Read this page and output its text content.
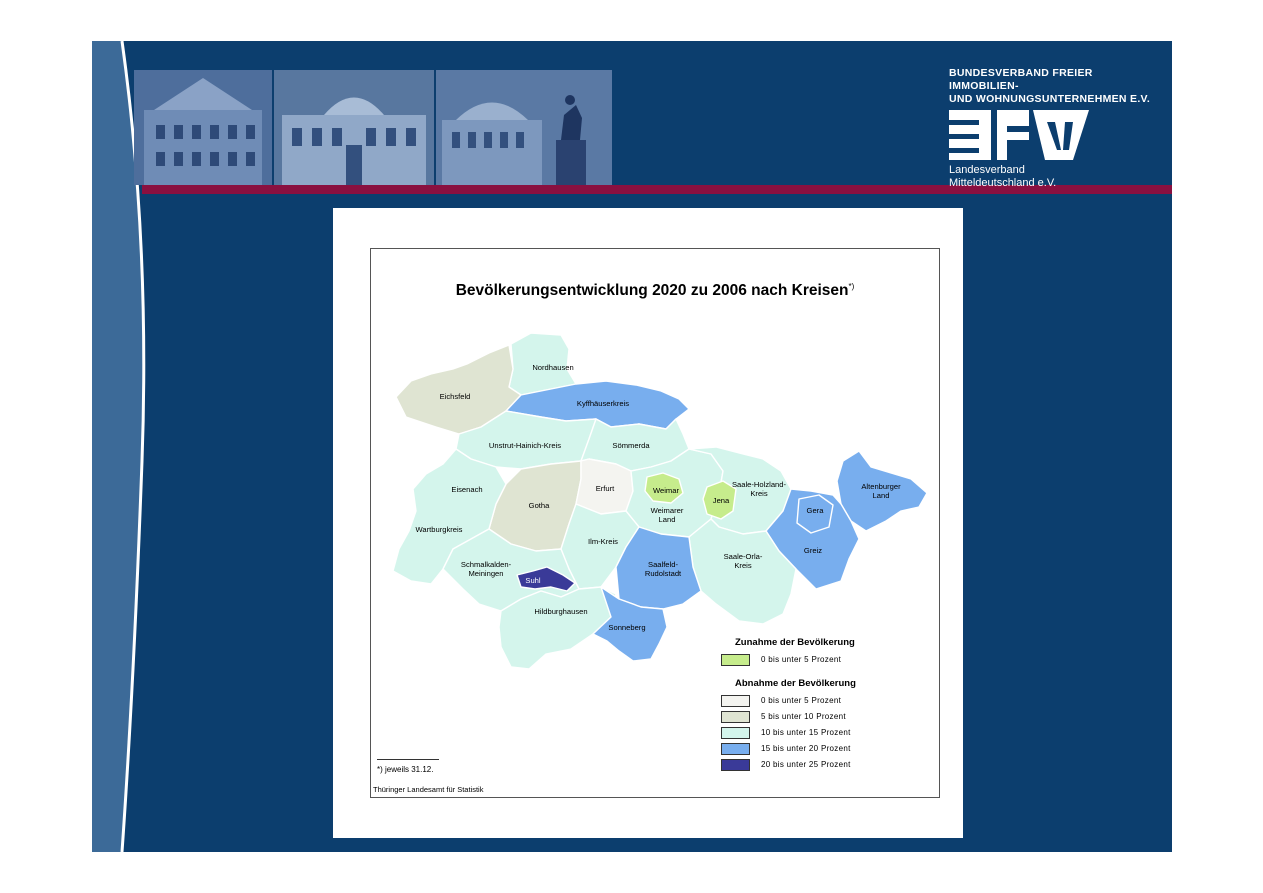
BUNDESVERBAND FREIER IMMOBILIEN-
UND WOHNUNGSUNTERNEHMEN E.V.
Landesverband
Mitteldeutschland e.V.
Bevölkerungsentwicklung 2020 zu 2006 nach Kreisen*)
Nordhausen
Eichsfeld
Kyffhäuserkreis
Unstrut-Hainich-Kreis	Sömmerda
Eisenach
Gotha
Erfurt	Weimar
Jena
Saale-Holzland-Kreis
Altenburger Land
Gera
Weimarer Land
Wartburgkreis
Ilm-Kreis
Greiz
Saale-Orla-Kreis
Schmalkalden-Meiningen
Saalfeld-Rudolstadt
Suhl
Hildburghausen
Sonneberg
Zunahme der Bevölkerung
0 bis unter 5 Prozent
Abnahme der Bevölkerung
0 bis unter 5 Prozent
5 bis unter 10 Prozent
10 bis unter 15 Prozent
15 bis unter 20 Prozent
20 bis unter 25 Prozent
*) jeweils 31.12.
Thüringer Landesamt für Statistik
